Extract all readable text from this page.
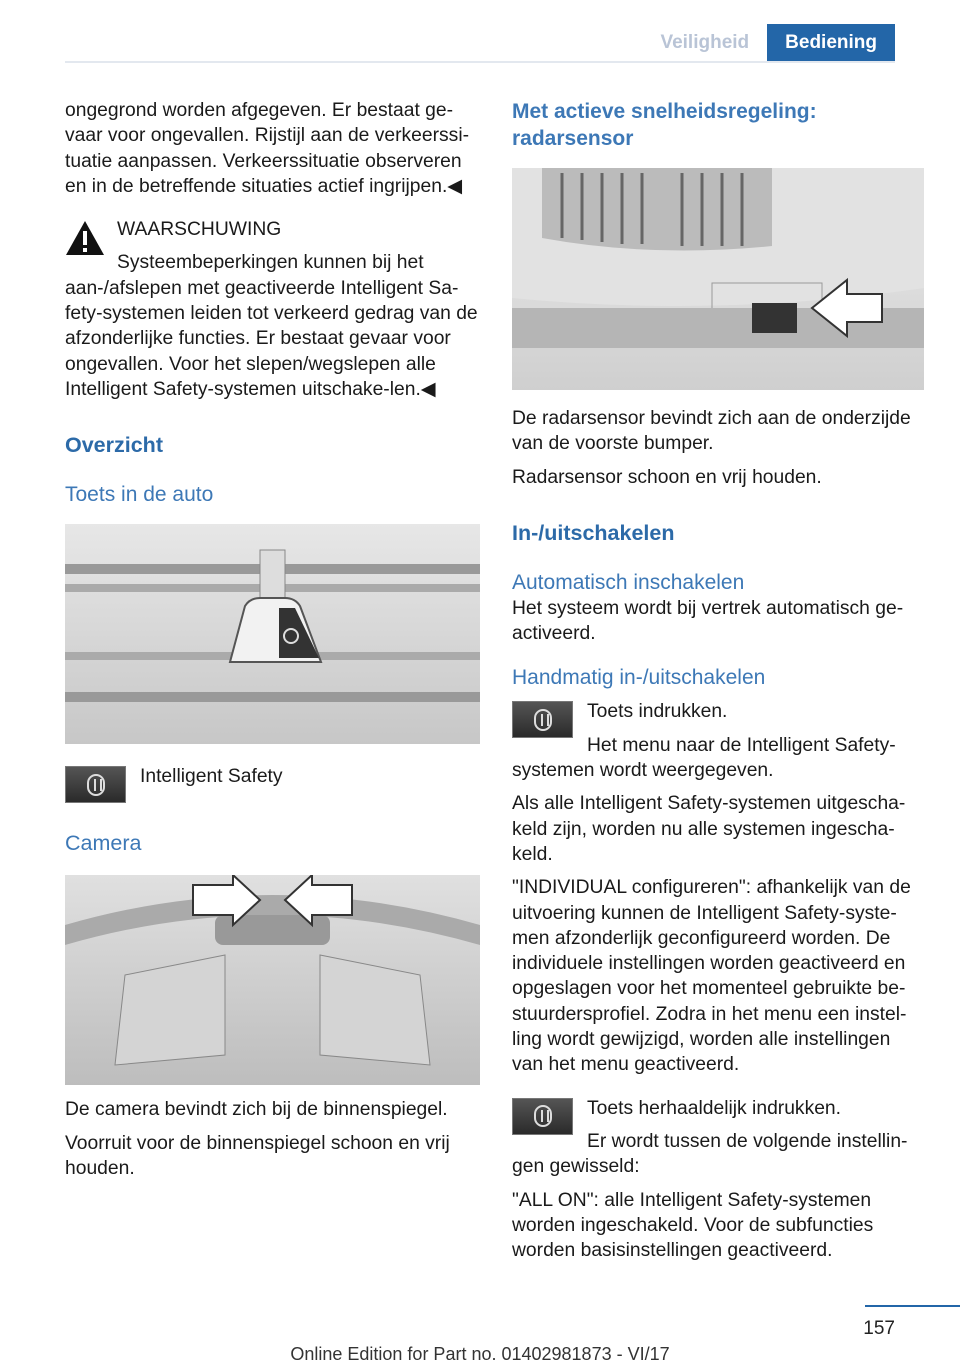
Veiligheid	Bediening

ongegrond worden afgegeven. Er bestaat ge-vaar voor ongevallen. Rijstijl aan de verkeerssi-tuatie aanpassen. Verkeerssituatie observeren en in de betreffende situaties actief ingrijpen.◀

WAARSCHUWING

Systeembeperkingen kunnen bij het aan-/afslepen met geactiveerde Intelligent Sa-fety-systemen leiden tot verkeerd gedrag van de afzonderlijke functies. Er bestaat gevaar voor ongevallen. Voor het slepen/wegslepen alle Intelligent Safety-systemen uitschake-len.◀

Overzicht
Toets in de auto

Intelligent Safety

Camera

De camera bevindt zich bij de binnenspiegel.

Voorruit voor de binnenspiegel schoon en vrij houden.

Met actieve snelheidsregeling: radarsensor

De radarsensor bevindt zich aan de onderzijde van de voorste bumper.

Radarsensor schoon en vrij houden.

In-/uitschakelen
Automatisch inschakelen

Het systeem wordt bij vertrek automatisch ge-activeerd.

Handmatig in-/uitschakelen

Toets indrukken.

Het menu naar de Intelligent Safety-systemen wordt weergegeven.

Als alle Intelligent Safety-systemen uitgescha-keld zijn, worden nu alle systemen ingescha-keld.

"INDIVIDUAL configureren": afhankelijk van de uitvoering kunnen de Intelligent Safety-syste-men afzonderlijk geconfigureerd worden. De individuele instellingen worden geactiveerd en opgeslagen voor het momenteel gebruikte be-stuurdersprofiel. Zodra in het menu een instel-ling wordt gewijzigd, worden alle instellingen van het menu geactiveerd.

Toets herhaaldelijk indrukken.

Er wordt tussen de volgende instellin-gen gewisseld:

"ALL ON": alle Intelligent Safety-systemen worden ingeschakeld. Voor de subfuncties worden basisinstellingen geactiveerd.

157
Online Edition for Part no. 01402981873 - VI/17
